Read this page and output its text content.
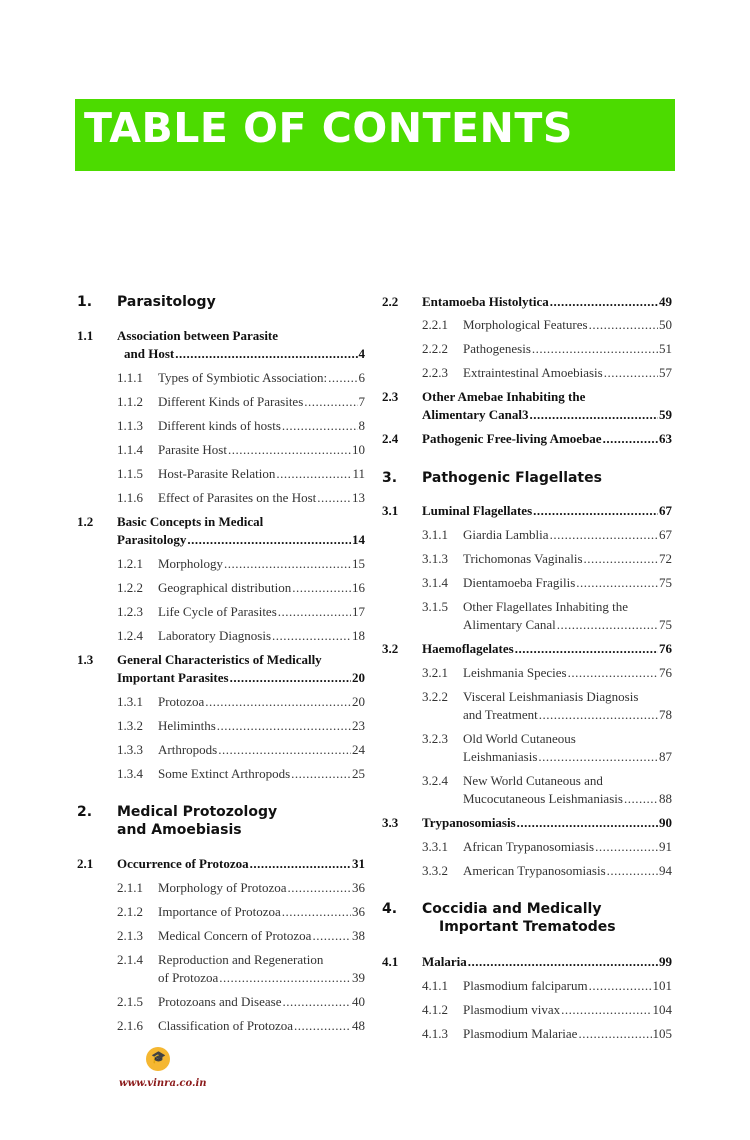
TABLE OF CONTENTS
1. Parasitology
1.1 Association between Parasite
and Host .....	4
1.1.1 Types of Symbiotic Association: ..... 6
1.1.2 Different Kinds of Parasites .....	7
1.1.3 Different kinds of hosts .....	8
1.1.4 Parasite Host .....	10
1.1.5 Host-Parasite Relation .....	11
1.1.6 Effect of Parasites on the Host .....	13
1.2 Basic Concepts in Medical
Parasitology .....	14
1.2.1 Morphology .....	15
1.2.2 Geographical distribution .....	16
1.2.3 Life Cycle of Parasites .....	17
1.2.4 Laboratory Diagnosis .....	18
1.3 General Characteristics of Medically
Important Parasites .....	20
1.3.1 Protozoa .....	20
1.3.2 Heliminths .....	23
1.3.3 Arthropods .....	24
1.3.4 Some Extinct Arthropods .....	25
2. Medical Protozology
and Amoebiasis
2.1 Occurrence of Protozoa .....	31
2.1.1 Morphology of Protozoa .....	36
2.1.2 Importance of Protozoa .....	36
2.1.3 Medical Concern of Protozoa .....	38
2.1.4 Reproduction and Regeneration
of Protozoa .....	39
2.1.5 Protozoans and Disease .....	40
2.1.6 Classification of Protozoa .....	48
2.2 Entamoeba Histolytica .....	49
2.2.1 Morphological Features .....	50
2.2.2 Pathogenesis .....	51
2.2.3 Extraintestinal Amoebiasis .....	57
2.3 Other Amebae Inhabiting the
Alimentary Canal3 .....	59
2.4 Pathogenic Free-living Amoebae .....	63
3. Pathogenic Flagellates
3.1 Luminal Flagellates .....	67
3.1.1 Giardia Lamblia .....	67
3.1.3 Trichomonas Vaginalis .....	72
3.1.4 Dientamoeba Fragilis .....	75
3.1.5 Other Flagellates Inhabiting the
Alimentary Canal .....	75
3.2 Haemoflagelates .....	76
3.2.1 Leishmania Species .....	76
3.2.2 Visceral Leishmaniasis Diagnosis
and Treatment .....	78
3.2.3 Old World Cutaneous
Leishmaniasis .....	87
3.2.4 New World Cutaneous and
Mucocutaneous Leishmaniasis .....	88
3.3 Trypanosomiasis .....	90
3.3.1 African Trypanosomiasis .....	91
3.3.2 American Trypanosomiasis .....	94
4. Coccidia and Medically
Important Trematodes
4.1 Malaria .....	99
4.1.1 Plasmodium falciparum .....	101
4.1.2 Plasmodium vivax .....	104
4.1.3 Plasmodium Malariae .....	105
🎓
www.vinra.co.in
